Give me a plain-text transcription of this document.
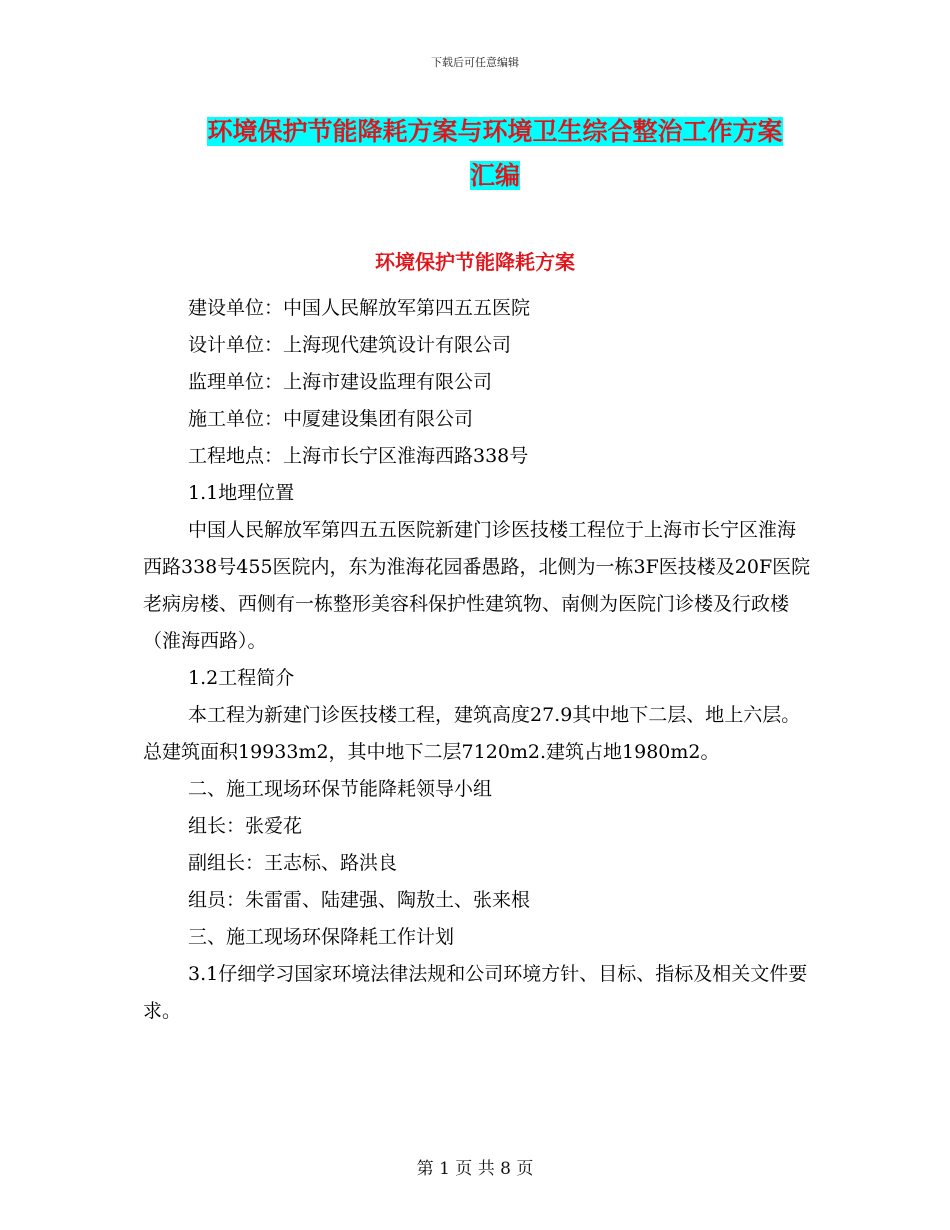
下载后可任意编辑
环境保护节能降耗方案与环境卫生综合整治工作方案
汇编
环境保护节能降耗方案

建设单位：中国人民解放军第四五五医院

设计单位：上海现代建筑设计有限公司

监理单位：上海市建设监理有限公司

施工单位：中厦建设集团有限公司

工程地点：上海市长宁区淮海西路338号

1.1地理位置

中国人民解放军第四五五医院新建门诊医技楼工程位于上海市长宁区淮海西路338号455医院内，东为淮海花园番愚路，北侧为一栋3F医技楼及20F医院老病房楼、西侧有一栋整形美容科保护性建筑物、南侧为医院门诊楼及行政楼（淮海西路）。

1.2工程简介

本工程为新建门诊医技楼工程，建筑高度27.9其中地下二层、地上六层。总建筑面积19933m2，其中地下二层7120m2.建筑占地1980m2。

二、施工现场环保节能降耗领导小组

组长：张爱花

副组长：王志标、路洪良

组员：朱雷雷、陆建强、陶敖土、张来根

三、施工现场环保降耗工作计划

3.1仔细学习国家环境法律法规和公司环境方针、目标、指标及相关文件要求。

第 1 页 共 8 页
